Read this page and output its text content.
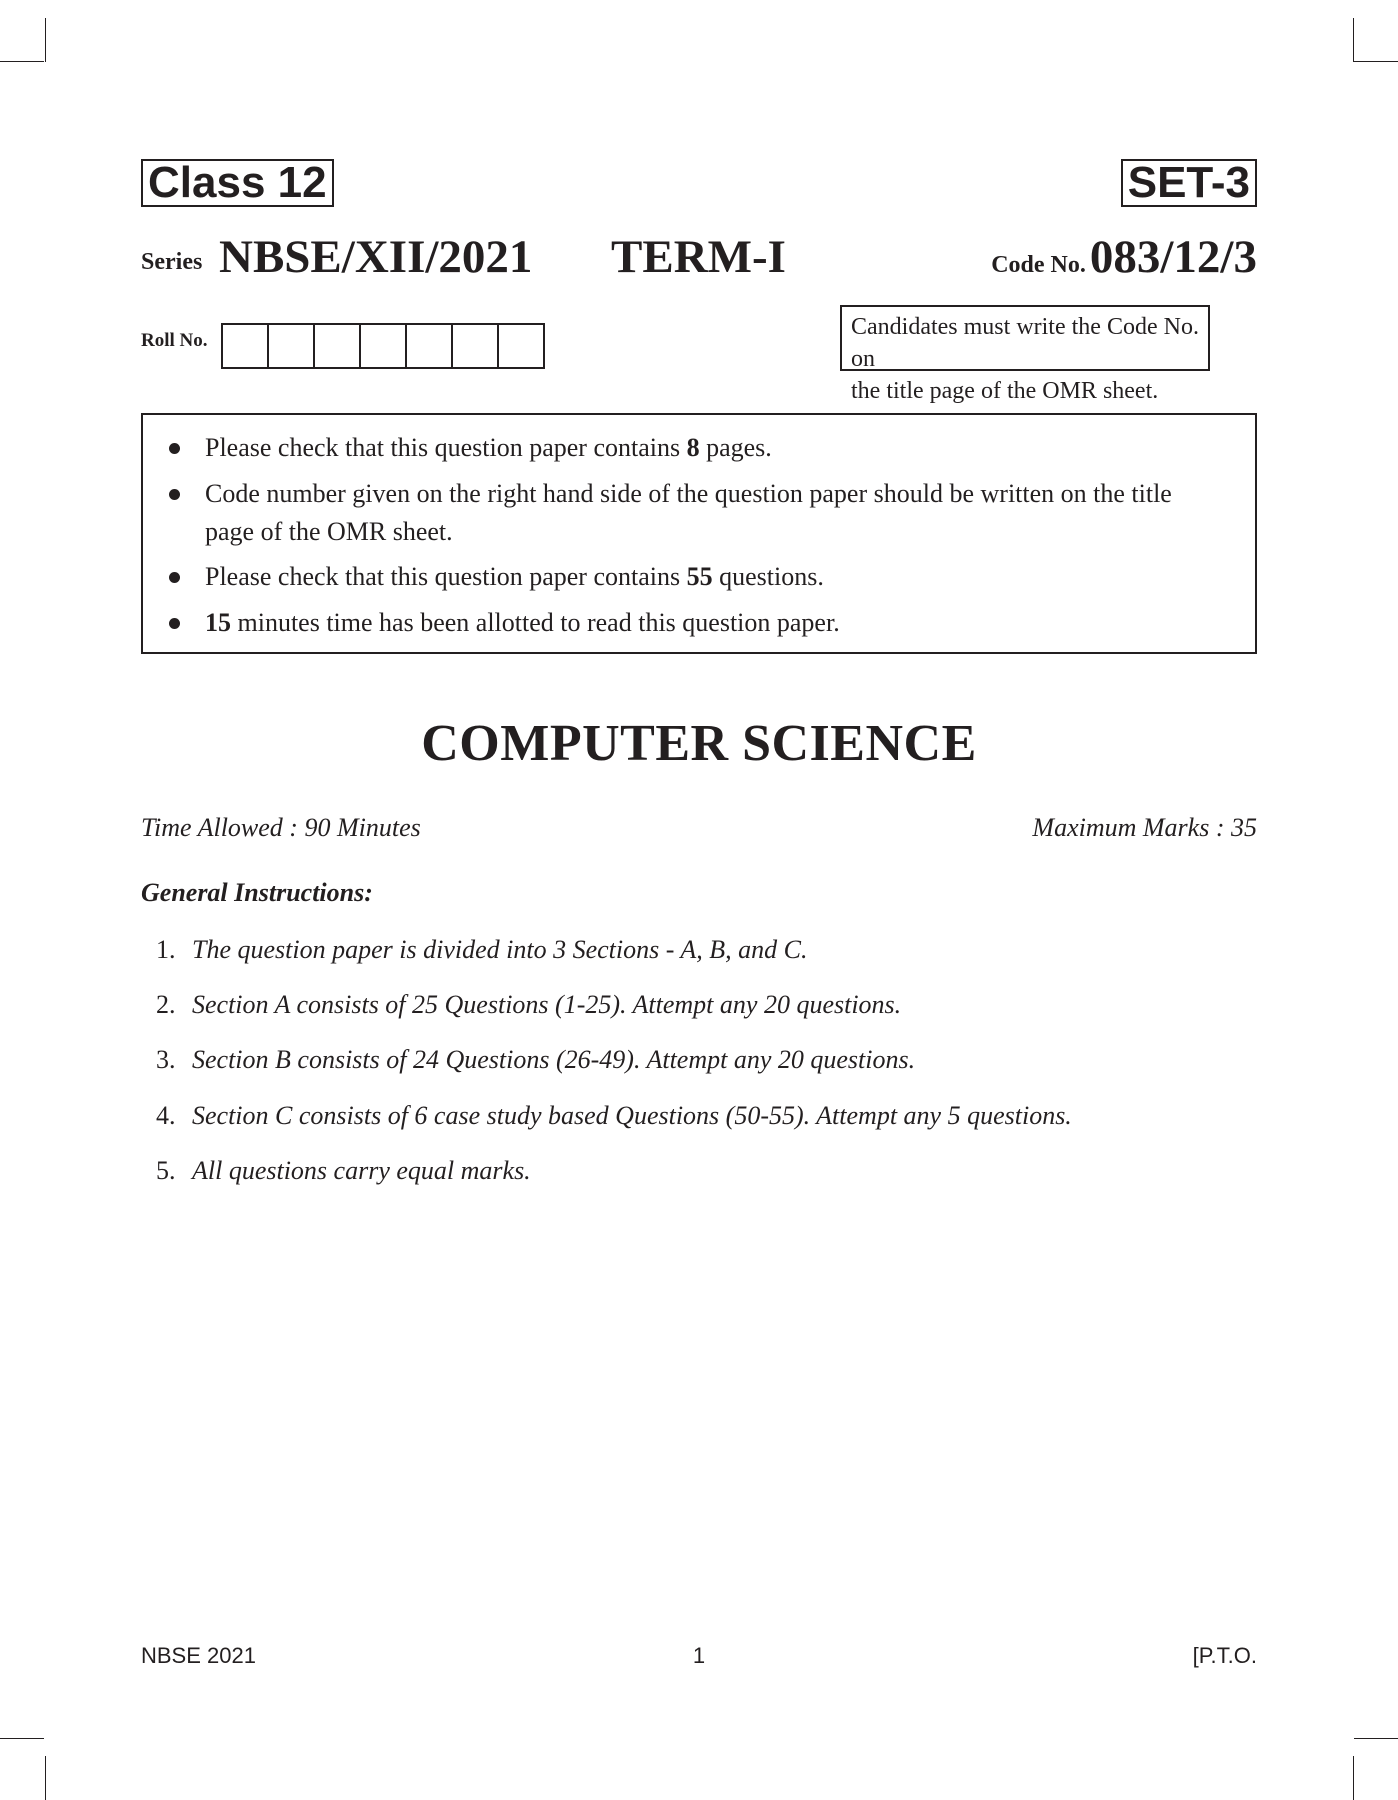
Class 12	SET-3
Series NBSE/XII/2021 TERM-I	Code No. 083/12/3
Roll No.
Candidates must write the Code No. on
the title page of the OMR sheet.
Please check that this question paper contains 8 pages.
Code number given on the right hand side of the question paper should be written on the title
page of the OMR sheet.
Please check that this question paper contains 55 questions.
15 minutes time has been allotted to read this question paper.
COMPUTER SCIENCE
Time Allowed : 90 Minutes	Maximum Marks : 35
General Instructions:
1. The question paper is divided into 3 Sections - A, B, and C.
2. Section A consists of 25 Questions (1-25). Attempt any 20 questions.
3. Section B consists of 24 Questions (26-49). Attempt any 20 questions.
4. Section C consists of 6 case study based Questions (50-55). Attempt any 5 questions.
5. All questions carry equal marks.
NBSE 2021	1	[P.T.O.
